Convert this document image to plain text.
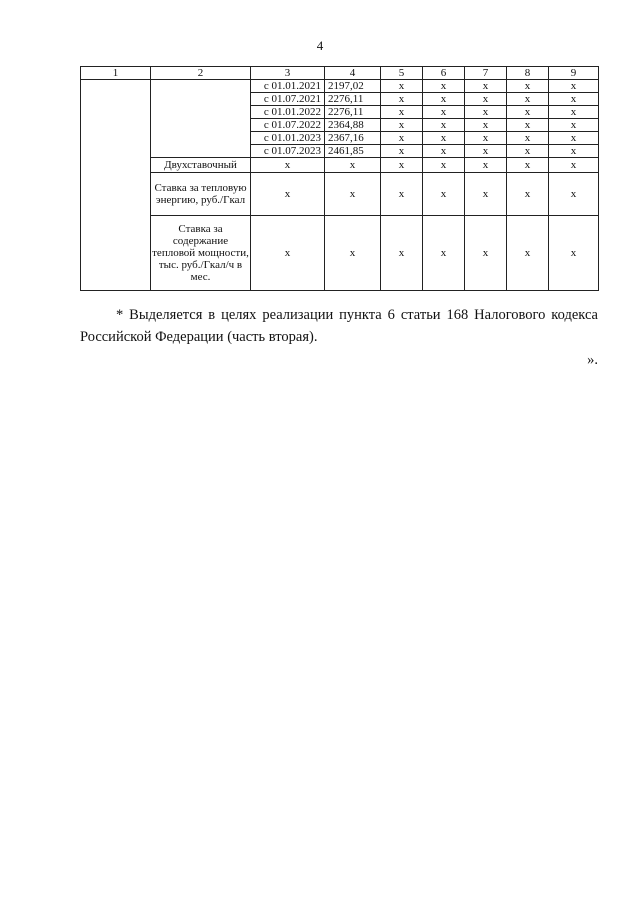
4
1	2	3	4	5	6	7	8	9
		с 01.01.2021	2197,02	х	х	х	х	х
		с 01.07.2021	2276,11	х	х	х	х	х
		с 01.01.2022	2276,11	х	х	х	х	х
		с 01.07.2022	2364,88	х	х	х	х	х
		с 01.01.2023	2367,16	х	х	х	х	х
		с 01.07.2023	2461,85	х	х	х	х	х
	Двухставочный	х	х	х	х	х	х	х
	Ставка за тепловую энергию, руб./Гкал	х	х	х	х	х	х	х
	Ставка за содержание тепловой мощности, тыс. руб./Гкал/ч в мес.	х	х	х	х	х	х	х

* Выделяется в целях реализации пункта 6 статьи 168 Налогового кодекса Российской Федерации (часть вторая).

».
